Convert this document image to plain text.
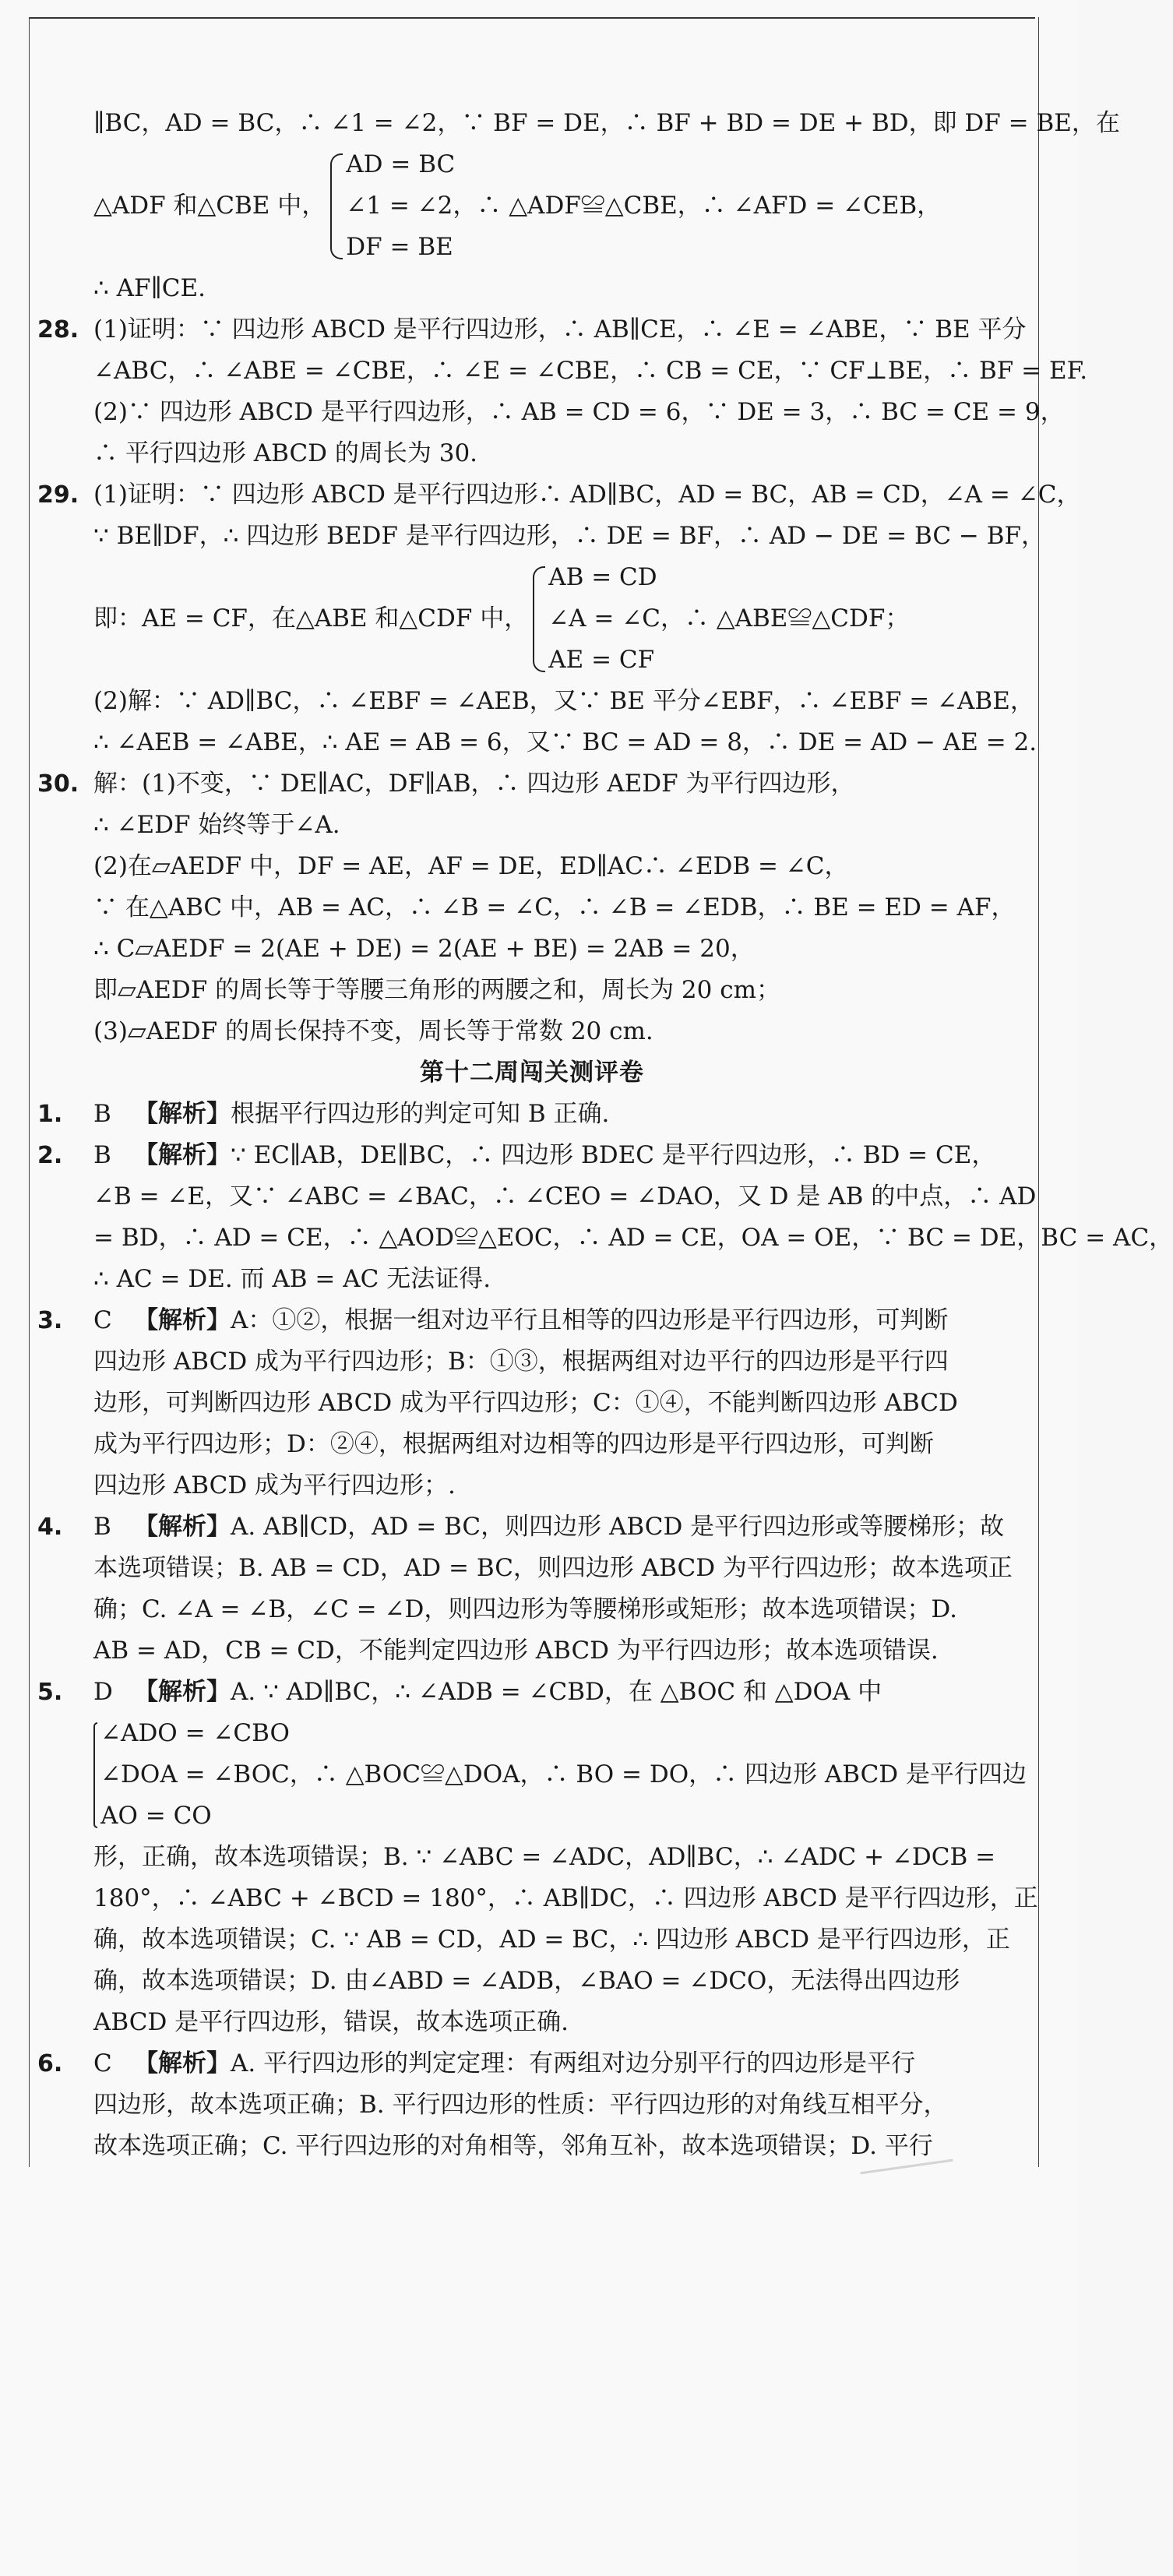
∥BC，AD = BC，∴ ∠1 = ∠2，∵ BF = DE，∴ BF + BD = DE + BD，即 DF = BE，在
△ADF 和△CBE 中，
AD = BC
∠1 = ∠2，∴ △ADF≌△CBE，∴ ∠AFD = ∠CEB，
DF = BE
∴ AF∥CE.
28. (1)证明：∵ 四边形 ABCD 是平行四边形，∴ AB∥CE，∴ ∠E = ∠ABE，∵ BE 平分
∠ABC，∴ ∠ABE = ∠CBE，∴ ∠E = ∠CBE，∴ CB = CE，∵ CF⊥BE，∴ BF = EF.
(2)∵ 四边形 ABCD 是平行四边形，∴ AB = CD = 6，∵ DE = 3，∴ BC = CE = 9，
∴ 平行四边形 ABCD 的周长为 30.
29. (1)证明：∵ 四边形 ABCD 是平行四边形∴ AD∥BC，AD = BC，AB = CD，∠A = ∠C，
∵ BE∥DF，∴ 四边形 BEDF 是平行四边形，∴ DE = BF，∴ AD − DE = BC − BF，
即：AE = CF，在△ABE 和△CDF 中，
AB = CD
∠A = ∠C，∴ △ABE≌△CDF；
AE = CF
(2)解：∵ AD∥BC，∴ ∠EBF = ∠AEB，又∵ BE 平分∠EBF，∴ ∠EBF = ∠ABE，
∴ ∠AEB = ∠ABE，∴ AE = AB = 6，又∵ BC = AD = 8，∴ DE = AD − AE = 2.
30. 解：(1)不变，∵ DE∥AC，DF∥AB，∴ 四边形 AEDF 为平行四边形，
∴ ∠EDF 始终等于∠A.
(2)在▱AEDF 中，DF = AE，AF = DE，ED∥AC∴ ∠EDB = ∠C，
∵ 在△ABC 中，AB = AC，∴ ∠B = ∠C，∴ ∠B = ∠EDB，∴ BE = ED = AF，
∴ C▱AEDF = 2(AE + DE) = 2(AE + BE) = 2AB = 20，
即▱AEDF 的周长等于等腰三角形的两腰之和，周长为 20 cm；
(3)▱AEDF 的周长保持不变，周长等于常数 20 cm.
第十二周闯关测评卷
1. B 【解析】根据平行四边形的判定可知 B 正确.
2. B 【解析】∵ EC∥AB，DE∥BC，∴ 四边形 BDEC 是平行四边形，∴ BD = CE，
∠B = ∠E，又∵ ∠ABC = ∠BAC，∴ ∠CEO = ∠DAO，又 D 是 AB 的中点，∴ AD
= BD，∴ AD = CE，∴ △AOD≌△EOC，∴ AD = CE，OA = OE，∵ BC = DE，BC = AC，
∴ AC = DE. 而 AB = AC 无法证得.
3. C 【解析】A：①②，根据一组对边平行且相等的四边形是平行四边形，可判断
四边形 ABCD 成为平行四边形；B：①③，根据两组对边平行的四边形是平行四
边形，可判断四边形 ABCD 成为平行四边形；C：①④，不能判断四边形 ABCD
成为平行四边形；D：②④，根据两组对边相等的四边形是平行四边形，可判断
四边形 ABCD 成为平行四边形；.
4. B 【解析】A. AB∥CD，AD = BC，则四边形 ABCD 是平行四边形或等腰梯形；故
本选项错误；B. AB = CD，AD = BC，则四边形 ABCD 为平行四边形；故本选项正
确；C. ∠A = ∠B，∠C = ∠D，则四边形为等腰梯形或矩形；故本选项错误；D.
AB = AD，CB = CD，不能判定四边形 ABCD 为平行四边形；故本选项错误.
5. D 【解析】A. ∵ AD∥BC，∴ ∠ADB = ∠CBD，在 △BOC 和 △DOA 中
∠ADO = ∠CBO
∠DOA = ∠BOC，∴ △BOC≌△DOA，∴ BO = DO，∴ 四边形 ABCD 是平行四边
AO = CO
形，正确，故本选项错误；B. ∵ ∠ABC = ∠ADC，AD∥BC，∴ ∠ADC + ∠DCB =
180°，∴ ∠ABC + ∠BCD = 180°，∴ AB∥DC，∴ 四边形 ABCD 是平行四边形，正
确，故本选项错误；C. ∵ AB = CD，AD = BC，∴ 四边形 ABCD 是平行四边形，正
确，故本选项错误；D. 由∠ABD = ∠ADB，∠BAO = ∠DCO，无法得出四边形
ABCD 是平行四边形，错误，故本选项正确.
6. C 【解析】A. 平行四边形的判定定理：有两组对边分别平行的四边形是平行
四边形，故本选项正确；B. 平行四边形的性质：平行四边形的对角线互相平分，
故本选项正确；C. 平行四边形的对角相等，邻角互补，故本选项错误；D. 平行
